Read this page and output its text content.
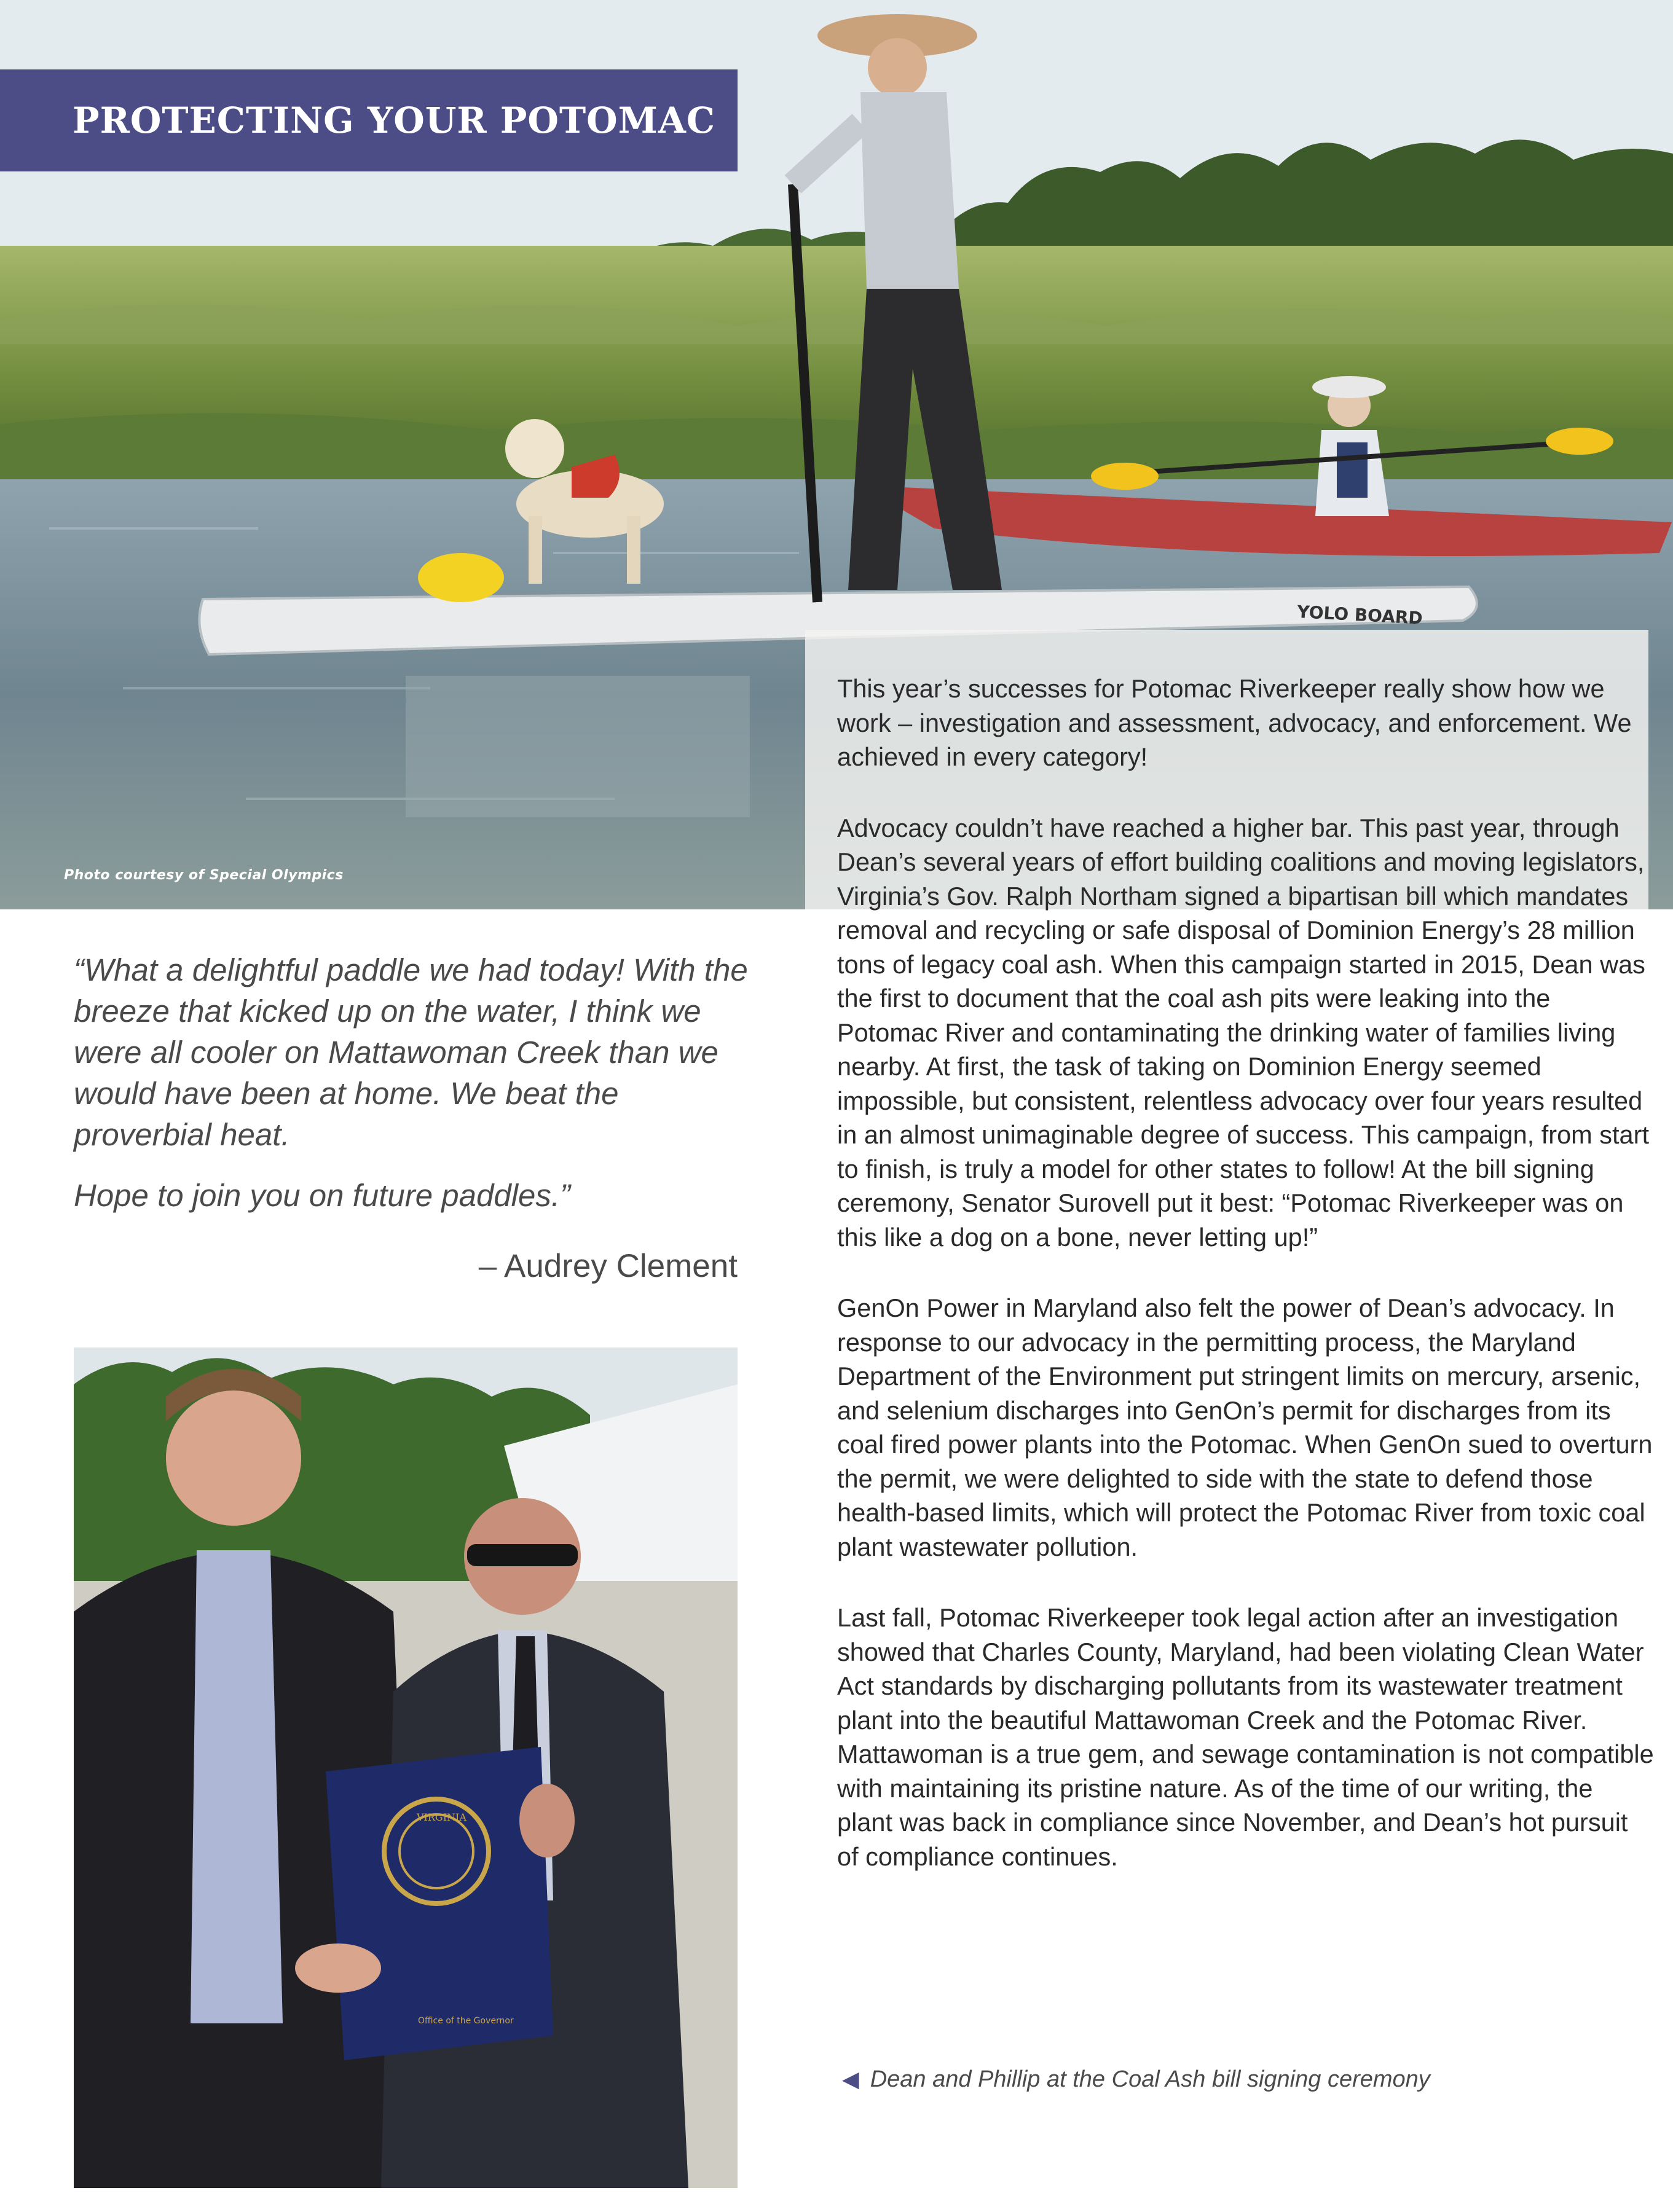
YOLO BOARD
PROTECTING YOUR POTOMAC
Photo courtesy of Special Olympics

This year’s successes for Potomac Riverkeeper really show how we work – investigation and assessment, advocacy, and enforcement. We achieved in every category!

Advocacy couldn’t have reached a higher bar. This past year, through Dean’s several years of effort building coalitions and moving legislators, Virginia’s Gov. Ralph Northam signed a bipartisan bill which mandates removal and recycling or safe disposal of Dominion Energy’s 28 million tons of legacy coal ash. When this campaign started in 2015, Dean was the first to document that the coal ash pits were leaking into the Potomac River and contaminating the drinking water of families living nearby. At first, the task of taking on Dominion Energy seemed impossible, but consistent, relentless advocacy over four years resulted in an almost unimaginable degree of success. This campaign, from start to finish, is truly a model for other states to follow! At the bill signing ceremony, Senator Surovell put it best: “Potomac Riverkeeper was on this like a dog on a bone, never letting up!”

GenOn Power in Maryland also felt the power of Dean’s advocacy. In response to our advocacy in the permitting process, the Maryland Department of the Environment put stringent limits on mercury, arsenic, and selenium discharges into GenOn’s permit for discharges from its coal fired power plants into the Potomac. When GenOn sued to overturn the permit, we were delighted to side with the state to defend those health-based limits, which will protect the Potomac River from toxic coal plant wastewater pollution.

Last fall, Potomac Riverkeeper took legal action after an investigation showed that Charles County, Maryland, had been violating Clean Water Act standards by discharging pollutants from its wastewater treatment plant into the beautiful Mattawoman Creek and the Potomac River. Mattawoman is a true gem, and sewage contamination is not compatible with maintaining its pristine nature. As of the time of our writing, the plant was back in compliance since November, and Dean’s hot pursuit of compliance continues.

“What a delightful paddle we had today! With the breeze that kicked up on the water, I think we were all cooler on Mattawoman Creek than we would have been at home. We beat the proverbial heat.

Hope to join you on future paddles.”

– Audrey Clement
VIRGINIA
Office of the Governor
◀ Dean and Phillip at the Coal Ash bill signing ceremony
